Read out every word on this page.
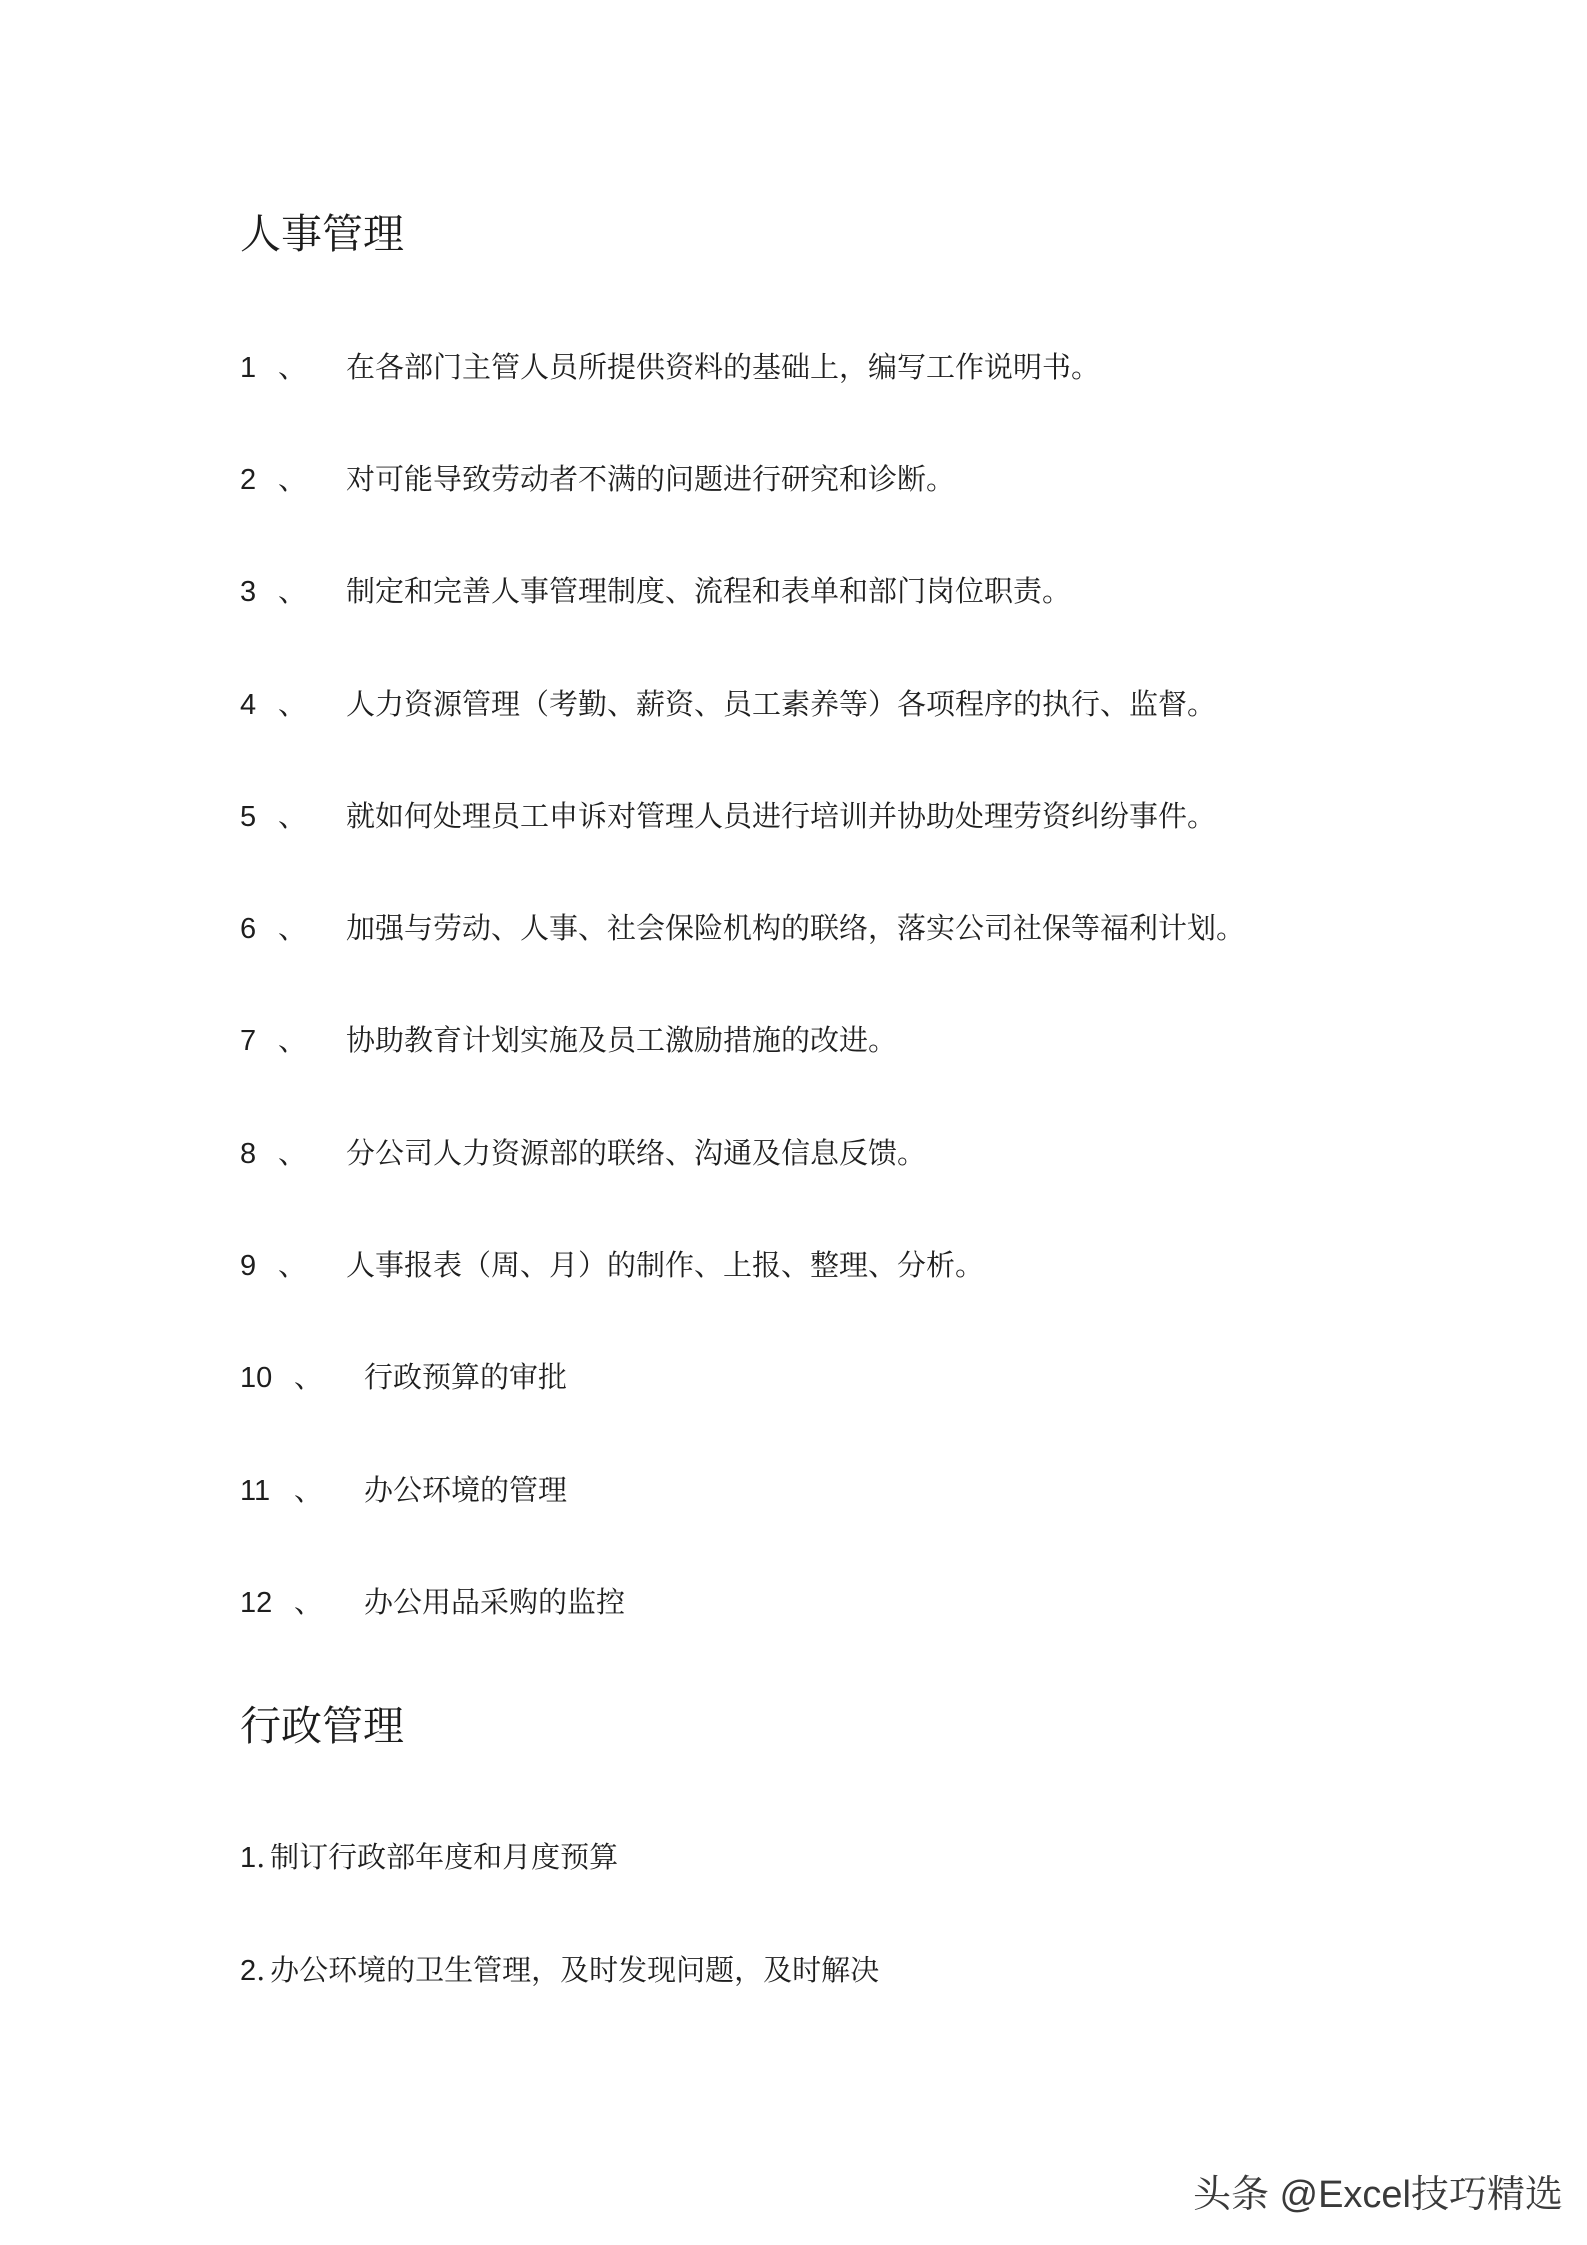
人事管理
1 、 在各部门主管人员所提供资料的基础上，编写工作说明书。
2 、 对可能导致劳动者不满的问题进行研究和诊断。
3 、 制定和完善人事管理制度、流程和表单和部门岗位职责。
4 、 人力资源管理（考勤、薪资、员工素养等）各项程序的执行、监督。
5 、 就如何处理员工申诉对管理人员进行培训并协助处理劳资纠纷事件。
6 、 加强与劳动、人事、社会保险机构的联络，落实公司社保等福利计划。
7 、 协助教育计划实施及员工激励措施的改进。
8 、 分公司人力资源部的联络、沟通及信息反馈。
9 、 人事报表（周、月）的制作、上报、整理、分析。
10 、 行政预算的审批
11 、 办公环境的管理
12 、 办公用品采购的监控
行政管理
1. 制订行政部年度和月度预算
2. 办公环境的卫生管理，及时发现问题，及时解决
头条 @Excel技巧精选
